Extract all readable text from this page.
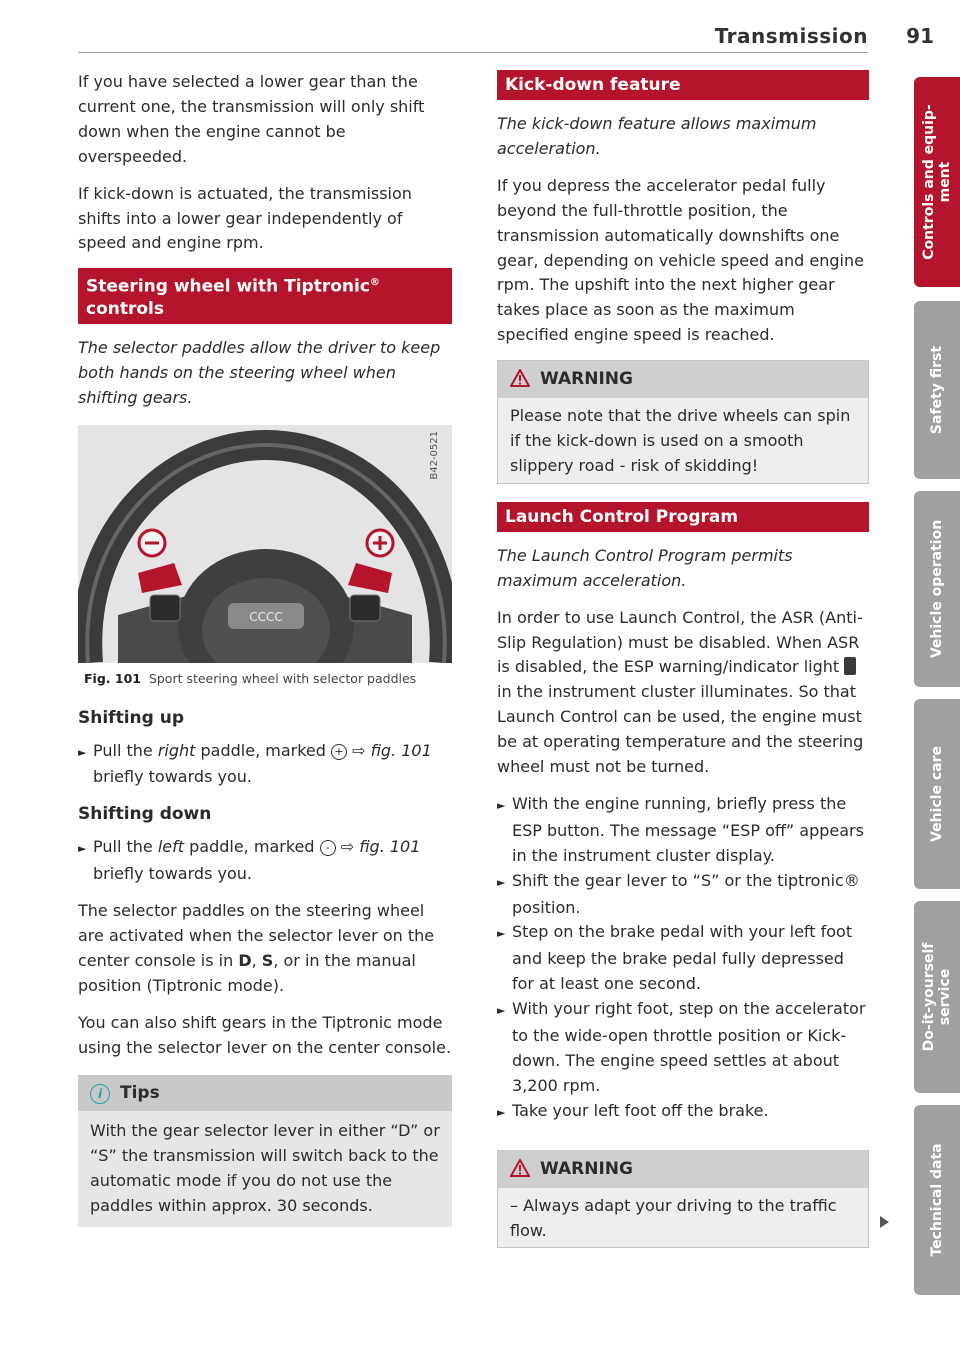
Transmission 91

If you have selected a lower gear than the current one, the transmission will only shift down when the engine cannot be overspeeded.

If kick-down is actuated, the transmission shifts into a lower gear independently of speed and engine rpm.

Steering wheel with Tiptronic® controls

The selector paddles allow the driver to keep both hands on the steering wheel when shifting gears.

CCCC
B42-0521
Fig. 101 Sport steering wheel with selector paddles
Shifting up
► Pull the right paddle, marked + ⇨ fig. 101
briefly towards you.
Shifting down
► Pull the left paddle, marked - ⇨ fig. 101
briefly towards you.

The selector paddles on the steering wheel are activated when the selector lever on the center console is in D, S, or in the manual position (Tiptronic mode).

You can also shift gears in the Tiptronic mode using the selector lever on the center console.

i Tips
With the gear selector lever in either “D” or “S” the transmission will switch back to the automatic mode if you do not use the paddles within approx. 30 seconds.
Kick-down feature

The kick-down feature allows maximum acceleration.

If you depress the accelerator pedal fully beyond the full-throttle position, the transmission automatically downshifts one gear, depending on vehicle speed and engine rpm. The upshift into the next higher gear takes place as soon as the maximum specified engine speed is reached.

WARNING
Please note that the drive wheels can spin if the kick-down is used on a smooth slippery road - risk of skidding!
Launch Control Program

The Launch Control Program permits maximum acceleration.

In order to use Launch Control, the ASR (Anti-Slip Regulation) must be disabled. When ASR is disabled, the ESP warning/indicator light  in the instrument cluster illuminates. So that Launch Control can be used, the engine must be at operating temperature and the steering wheel must not be turned.

► With the engine running, briefly press the ESP button. The message “ESP off” appears in the instrument cluster display.
► Shift the gear lever to “S” or the tiptronic® position.
► Step on the brake pedal with your left foot and keep the brake pedal fully depressed for at least one second.
► With your right foot, step on the accelerator to the wide-open throttle position or Kick-down. The engine speed settles at about 3,200 rpm.
► Take your left foot off the brake.
WARNING
– Always adapt your driving to the traffic flow.
Controls and equip-
ment
Safety first
Vehicle operation
Vehicle care
Do-it-yourself
service
Technical data
